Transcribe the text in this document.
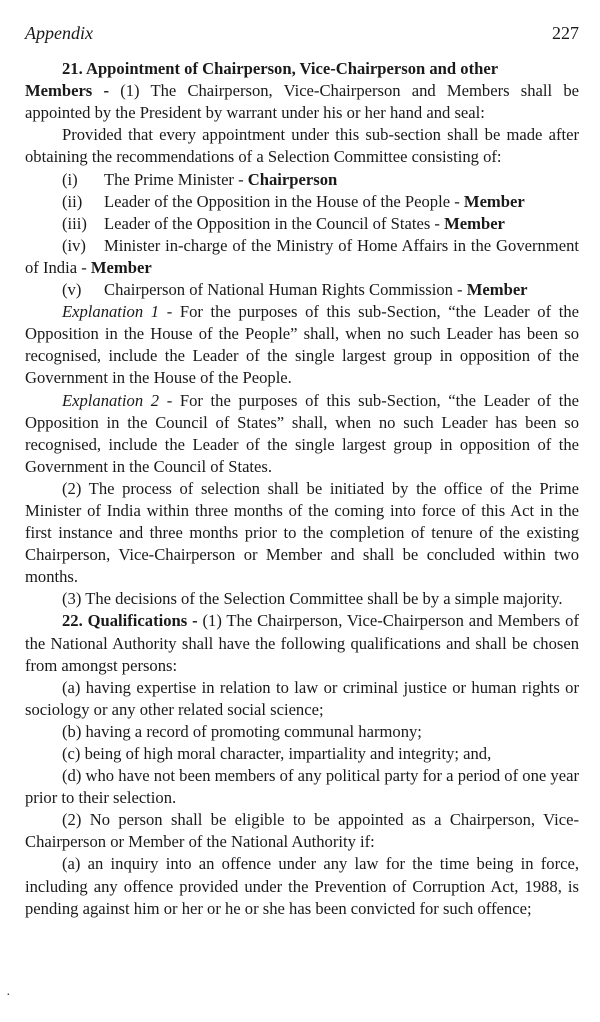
Appendix	227

21. Appointment of Chairperson, Vice-Chairperson and other

Members - (1) The Chairperson, Vice-Chairperson and Members shall be appointed by the President by warrant under his or her hand and seal:

Provided that every appointment under this sub-section shall be made after obtaining the recommendations of a Selection Committee consisting of:

(i) The Prime Minister - Chairperson

(ii) Leader of the Opposition in the House of the People - Member

(iii) Leader of the Opposition in the Council of States - Member

(iv) Minister in-charge of the Ministry of Home Affairs in the Government of India - Member

(v) Chairperson of National Human Rights Commission - Member

Explanation 1 - For the purposes of this sub-Section, “the Leader of the Opposition in the House of the People” shall, when no such Leader has been so recognised, include the Leader of the single largest group in opposition of the Government in the House of the People.

Explanation 2 - For the purposes of this sub-Section, “the Leader of the Opposition in the Council of States” shall, when no such Leader has been so recognised, include the Leader of the single largest group in opposition of the Government in the Council of States.

(2) The process of selection shall be initiated by the office of the Prime Minister of India within three months of the coming into force of this Act in the first instance and three months prior to the completion of tenure of the existing Chairperson, Vice-Chairperson or Member and shall be concluded within two months.

(3) The decisions of the Selection Committee shall be by a simple majority.

22. Qualifications - (1) The Chairperson, Vice-Chairperson and Members of the National Authority shall have the following qualifications and shall be chosen from amongst persons:

(a) having expertise in relation to law or criminal justice or human rights or sociology or any other related social science;

(b) having a record of promoting communal harmony;

(c) being of high moral character, impartiality and integrity; and,

(d) who have not been members of any political party for a period of one year prior to their selection.

(2) No person shall be eligible to be appointed as a Chairperson, Vice-Chairperson or Member of the National Authority if:

(a) an inquiry into an offence under any law for the time being in force, including any offence provided under the Prevention of Corruption Act, 1988, is pending against him or her or he or she has been convicted for such offence;

·
